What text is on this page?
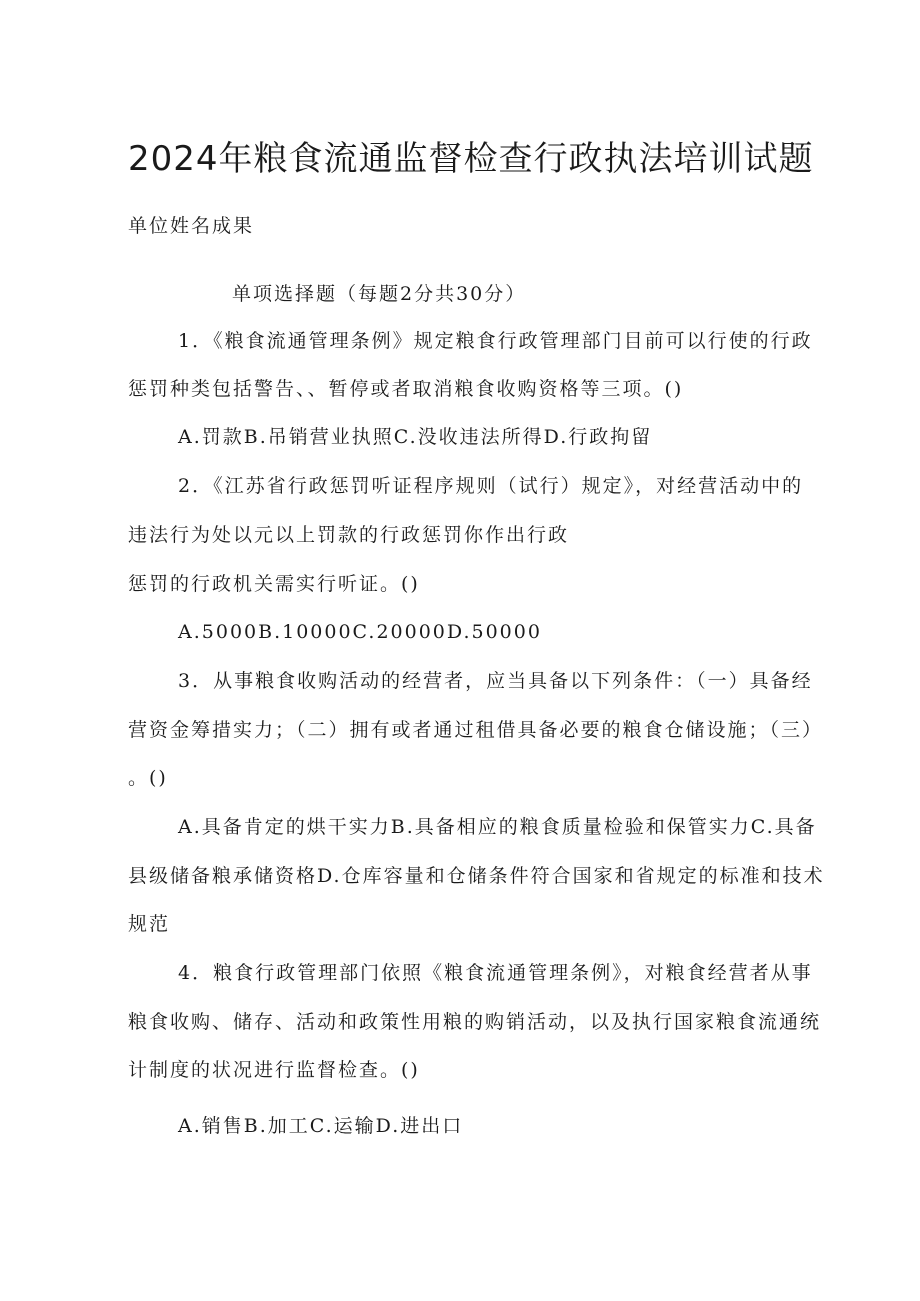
2024年粮食流通监督检查行政执法培训试题
单位姓名成果
单项选择题（每题2分共30分）
1．《粮食流通管理条例》规定粮食行政管理部门目前可以行使的行政
惩罚种类包括警告、、暂停或者取消粮食收购资格等三项。()
A.罚款B.吊销营业执照C.没收违法所得D.行政拘留
2．《江苏省行政惩罚听证程序规则（试行）规定》，对经营活动中的
违法行为处以元以上罚款的行政惩罚你作出行政
惩罚的行政机关需实行听证。()
A.5000B.10000C.20000D.50000
3．从事粮食收购活动的经营者，应当具备以下列条件：（一）具备经
营资金筹措实力；（二）拥有或者通过租借具备必要的粮食仓储设施；（三）
。()
A.具备肯定的烘干实力B.具备相应的粮食质量检验和保管实力C.具备
县级储备粮承储资格D.仓库容量和仓储条件符合国家和省规定的标准和技术
规范
4．粮食行政管理部门依照《粮食流通管理条例》，对粮食经营者从事
粮食收购、储存、活动和政策性用粮的购销活动，以及执行国家粮食流通统
计制度的状况进行监督检查。()
A.销售B.加工C.运输D.进出口
